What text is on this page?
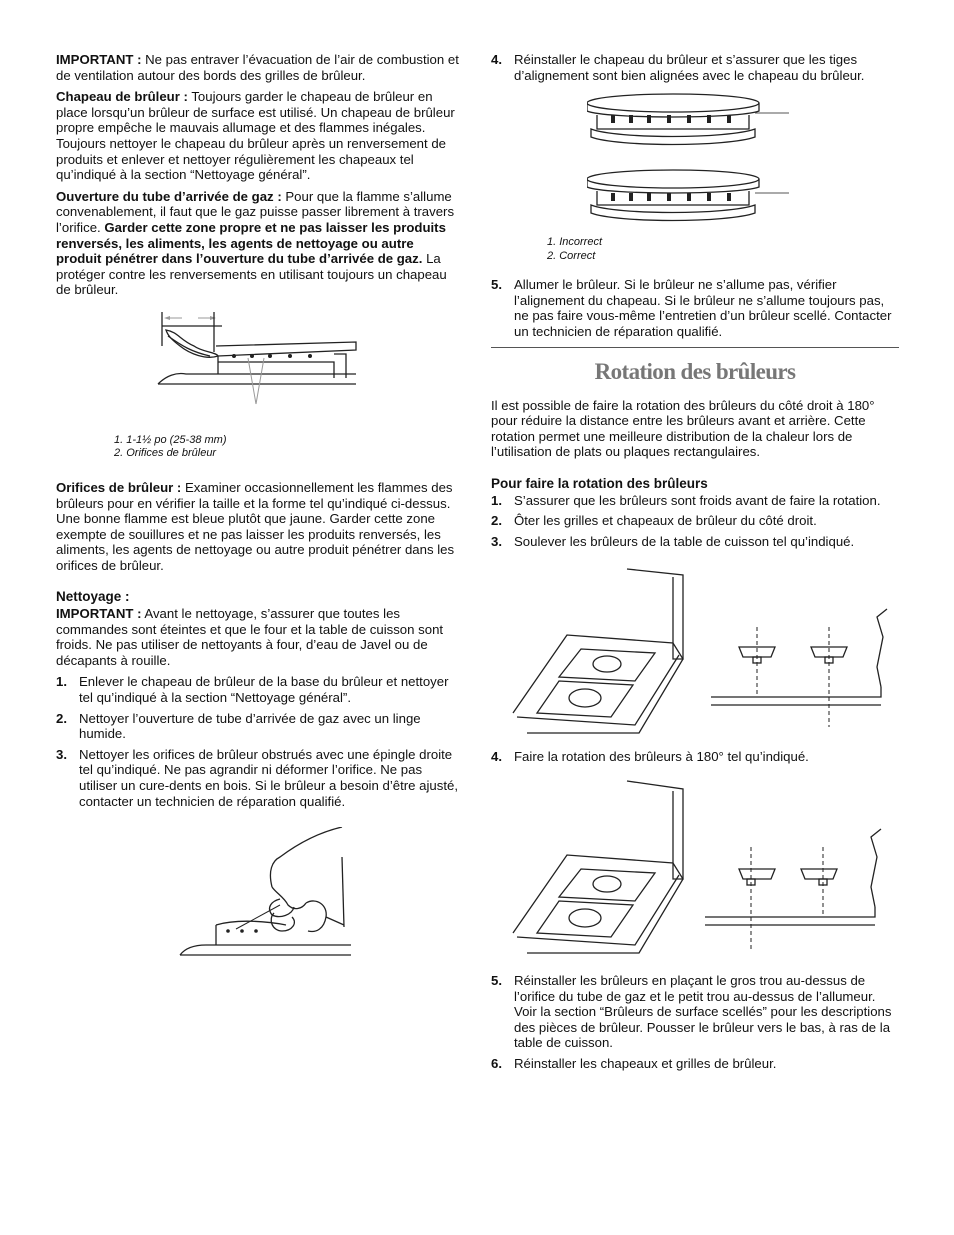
IMPORTANT : Ne pas entraver l’évacuation de l’air de combustion et de ventilation autour des bords des grilles de brûleur.

Chapeau de brûleur : Toujours garder le chapeau de brûleur en place lorsqu’un brûleur de surface est utilisé. Un chapeau de brûleur propre empêche le mauvais allumage et des flammes inégales. Toujours nettoyer le chapeau du brûleur après un renversement de produits et enlever et nettoyer régulièrement les chapeaux tel qu’indiqué à la section “Nettoyage général”.

Ouverture du tube d’arrivée de gaz : Pour que la flamme s’allume convenablement, il faut que le gaz puisse passer librement à travers l’orifice. Garder cette zone propre et ne pas laisser les produits renversés, les aliments, les agents de nettoyage ou autre produit pénétrer dans l’ouverture du tube d’arrivée de gaz. La protéger contre les renversements en utilisant toujours un chapeau de brûleur.

1. 1-1½ po (25-38 mm)
2. Orifices de brûleur

Orifices de brûleur : Examiner occasionnellement les flammes des brûleurs pour en vérifier la taille et la forme tel qu’indiqué ci-dessus. Une bonne flamme est bleue plutôt que jaune. Garder cette zone exempte de souillures et ne pas laisser les produits renversés, les aliments, les agents de nettoyage ou autre produit pénétrer dans les orifices de brûleur.

Nettoyage :

IMPORTANT : Avant le nettoyage, s’assurer que toutes les commandes sont éteintes et que le four et la table de cuisson sont froids. Ne pas utiliser de nettoyants à four, d’eau de Javel ou de décapants à rouille.

1. Enlever le chapeau de brûleur de la base du brûleur et nettoyer tel qu’indiqué à la section “Nettoyage général”.
2. Nettoyer l’ouverture de tube d’arrivée de gaz avec un linge humide.
3. Nettoyer les orifices de brûleur obstrués avec une épingle droite tel qu’indiqué. Ne pas agrandir ni déformer l’orifice. Ne pas utiliser un cure-dents en bois. Si le brûleur a besoin d’être ajusté, contacter un technicien de réparation qualifié.
4. Réinstaller le chapeau du brûleur et s’assurer que les tiges d’alignement sont bien alignées avec le chapeau du brûleur.
1. Incorrect
2. Correct
5. Allumer le brûleur. Si le brûleur ne s’allume pas, vérifier l’alignement du chapeau. Si le brûleur ne s’allume toujours pas, ne pas faire vous-même l’entretien d’un brûleur scellé. Contacter un technicien de réparation qualifié.
Rotation des brûleurs

Il est possible de faire la rotation des brûleurs du côté droit à 180° pour réduire la distance entre les brûleurs avant et arrière. Cette rotation permet une meilleure distribution de la chaleur lors de l’utilisation de plats ou plaques rectangulaires.

Pour faire la rotation des brûleurs
1. S’assurer que les brûleurs sont froids avant de faire la rotation.
2. Ôter les grilles et chapeaux de brûleur du côté droit.
3. Soulever les brûleurs de la table de cuisson tel qu’indiqué.
4. Faire la rotation des brûleurs à 180° tel qu’indiqué.
5. Réinstaller les brûleurs en plaçant le gros trou au-dessus de l’orifice du tube de gaz et le petit trou au-dessus de l’allumeur. Voir la section “Brûleurs de surface scellés” pour les descriptions des pièces de brûleur. Pousser le brûleur vers le bas, à ras de la table de cuisson.
6. Réinstaller les chapeaux et grilles de brûleur.
